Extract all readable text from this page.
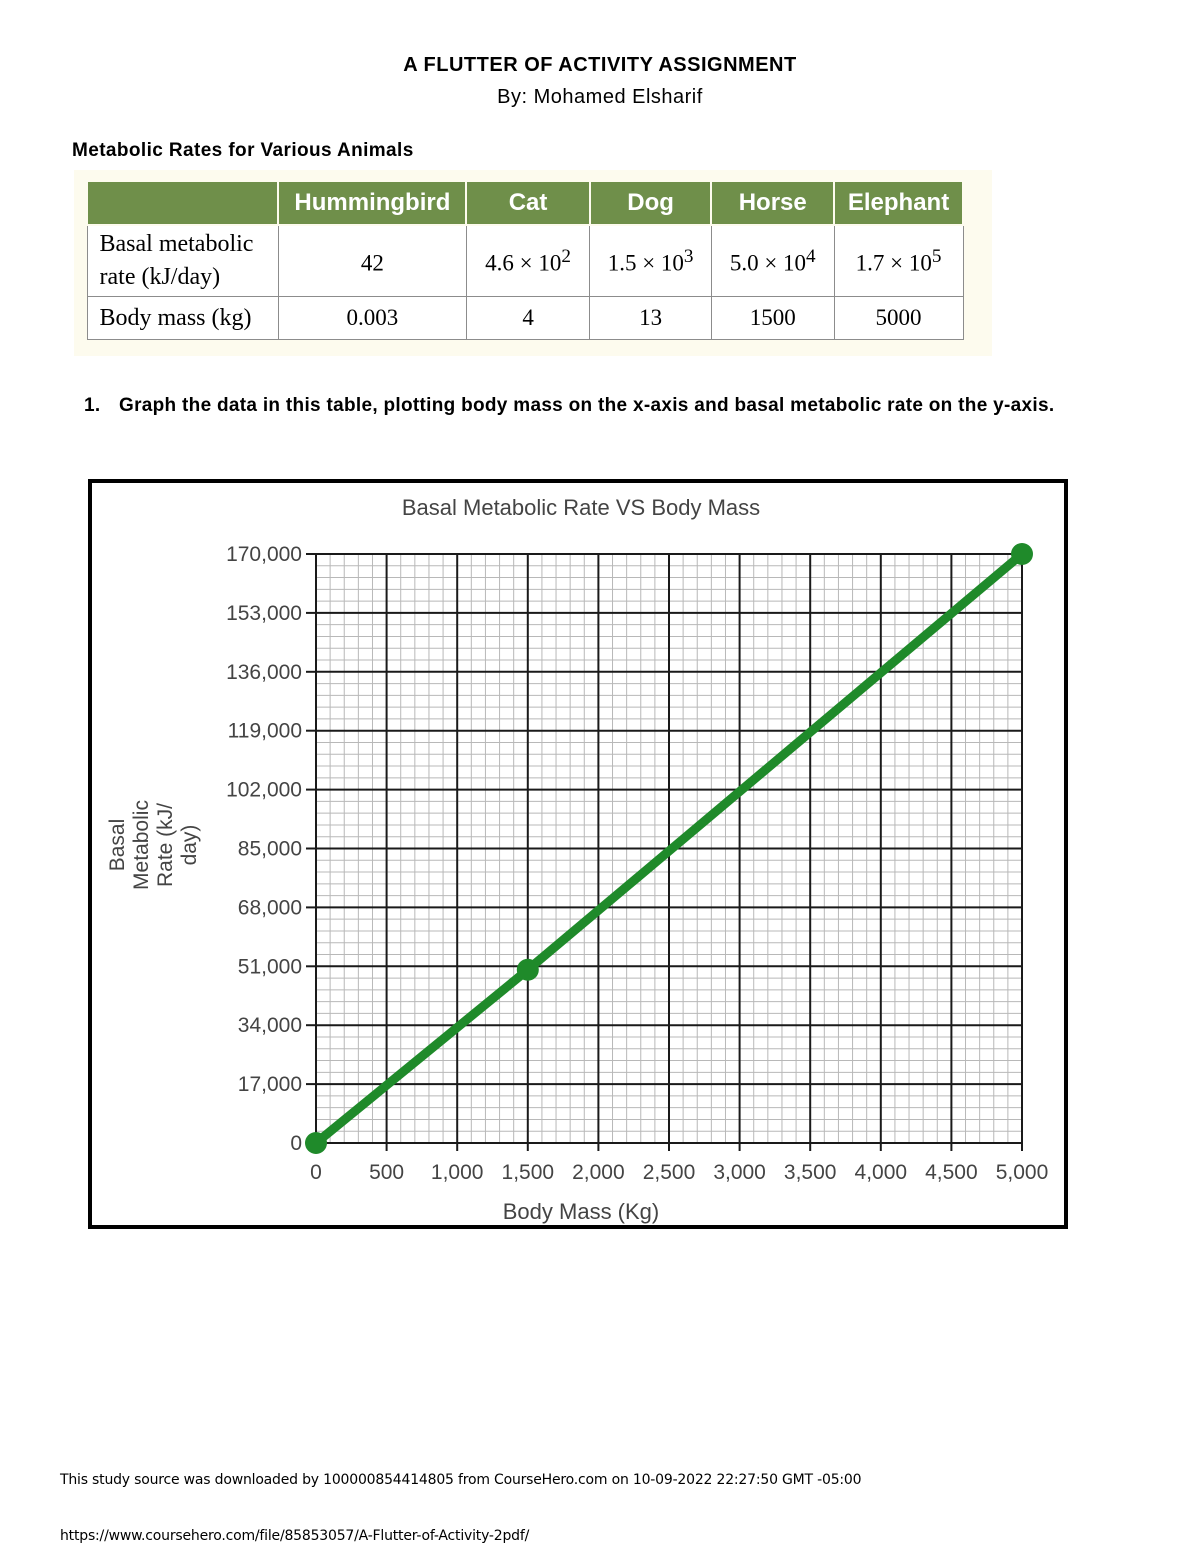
A FLUTTER OF ACTIVITY ASSIGNMENT
By: Mohamed Elsharif
Metabolic Rates for Various Animals
	Hummingbird	Cat	Dog	Horse	Elephant
Basal metabolic
rate (kJ/day)	42	$4.6 \times 10^2$	$1.5 \times 10^3$	$5.0 \times 10^4$	$1.7 \times 10^5$
Body mass (kg)	0.003	4	13	1500	5000
1. Graph the data in this table, plotting body mass on the x-axis and basal metabolic rate on the y-axis.
0 500 1,000 1,500 2,000 2,500 3,000 3,500 4,000 4,500 5,000
0
17,000
34,000
51,000
68,000
85,000
102,000
119,000
136,000
153,000
170,000
Basal Metabolic Rate VS Body Mass
Body Mass (Kg)
BasalMetabolicRate (kJ/day)
This study source was downloaded by 100000854414805 from CourseHero.com on 10-09-2022 22:27:50 GMT -05:00
https://www.coursehero.com/file/85853057/A-Flutter-of-Activity-2pdf/
